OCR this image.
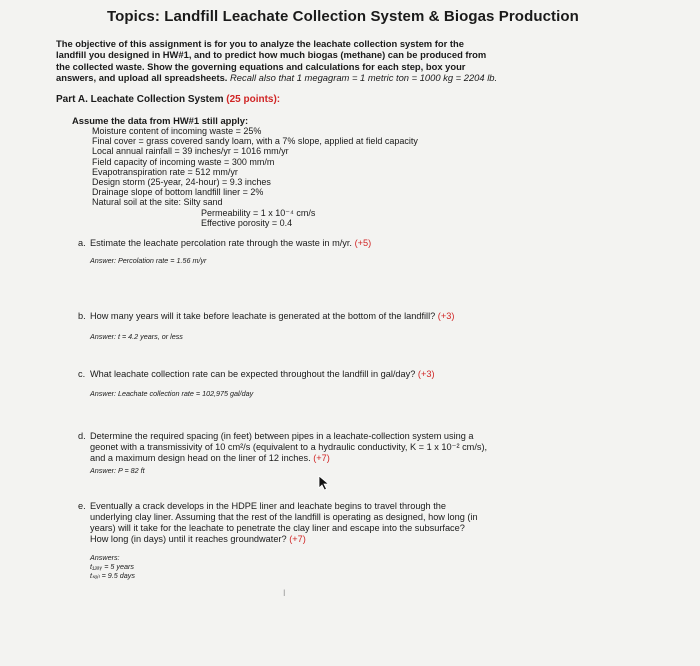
Topics: Landfill Leachate Collection System & Biogas Production
The objective of this assignment is for you to analyze the leachate collection system for the
landfill you designed in HW#1, and to predict how much biogas (methane) can be produced from
the collected waste. Show the governing equations and calculations for each step, box your
answers, and upload all spreadsheets. Recall also that 1 megagram = 1 metric ton = 1000 kg = 2204 lb.
Part A. Leachate Collection System (25 points):
Assume the data from HW#1 still apply:
Moisture content of incoming waste = 25%
Final cover = grass covered sandy loam, with a 7% slope, applied at field capacity
Local annual rainfall = 39 inches/yr = 1016 mm/yr
Field capacity of incoming waste = 300 mm/m
Evapotranspiration rate = 512 mm/yr
Design storm (25-year, 24-hour) = 9.3 inches
Drainage slope of bottom landfill liner = 2%
Natural soil at the site: Silty sand
Permeability = 1 x 10⁻⁴ cm/s
Effective porosity = 0.4
a. Estimate the leachate percolation rate through the waste in m/yr. (+5)
Answer: Percolation rate = 1.56 m/yr
b. How many years will it take before leachate is generated at the bottom of the landfill? (+3)
Answer: t = 4.2 years, or less
c. What leachate collection rate can be expected throughout the landfill in gal/day? (+3)
Answer: Leachate collection rate = 102,975 gal/day
d. Determine the required spacing (in feet) between pipes in a leachate-collection system using a
geonet with a transmissivity of 10 cm²/s (equivalent to a hydraulic conductivity, K = 1 x 10⁻² cm/s),
and a maximum design head on the liner of 12 inches. (+7)
Answer: P = 82 ft
e. Eventually a crack develops in the HDPE liner and leachate begins to travel through the
underlying clay liner. Assuming that the rest of the landfill is operating as designed, how long (in
years) will it take for the leachate to penetrate the clay liner and escape into the subsurface?
How long (in days) until it reaches groundwater? (+7)
Answers:
t₁₂ₐᵧ = 5 years
tₛₒᵢₗ = 9.5 days
I
